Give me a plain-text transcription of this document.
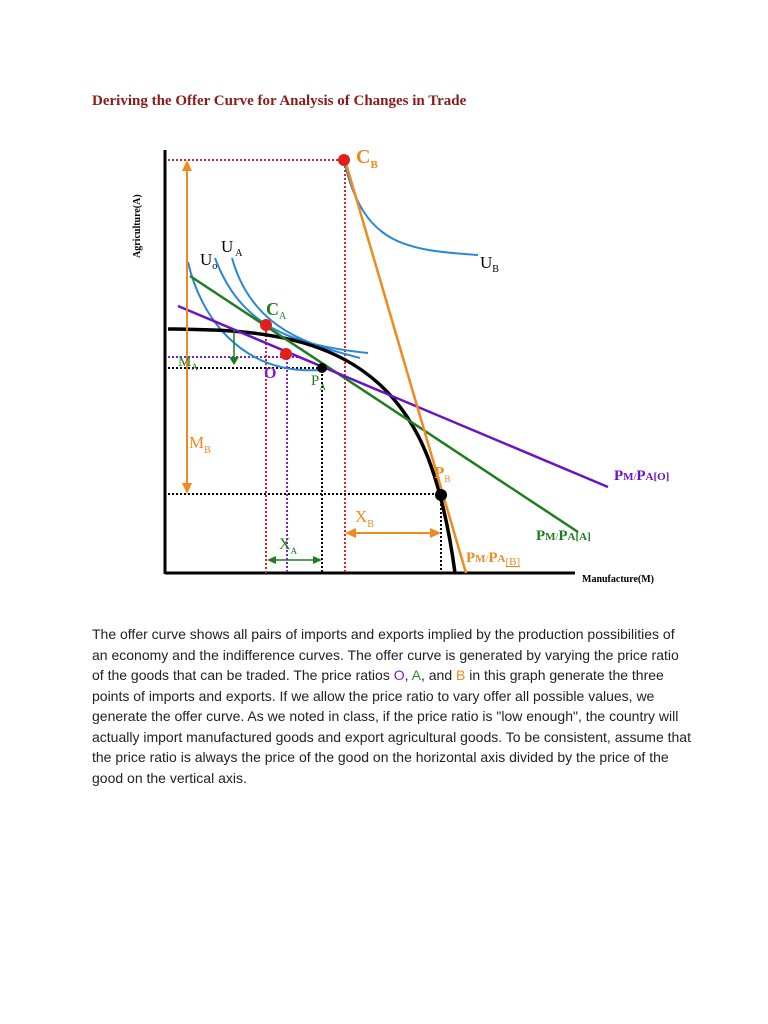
Deriving the Offer Curve for Analysis of Changes in Trade
Agriculture(A)
Manufacture(M)
$C_B$
$U_B$
$U_o$
U $_A$
$C_A$
$M_A$	O $P_A$
$M_B$
$P_B$
$X_B$
$X_A$
PM/PA[O]
PM/PA[A]
$PM/PA_{[B]}$

The offer curve shows all pairs of imports and exports implied by the production possibilities of an economy and the indifference curves. The offer curve is generated by varying the price ratio of the goods that can be traded. The price ratios O, A, and B in this graph generate the three points of imports and exports. If we allow the price ratio to vary offer all possible values, we generate the offer curve. As we noted in class, if the price ratio is "low enough", the country will actually import manufactured goods and export agricultural goods. To be consistent, assume that the price ratio is always the price of the good on the horizontal axis divided by the price of the good on the vertical axis.
